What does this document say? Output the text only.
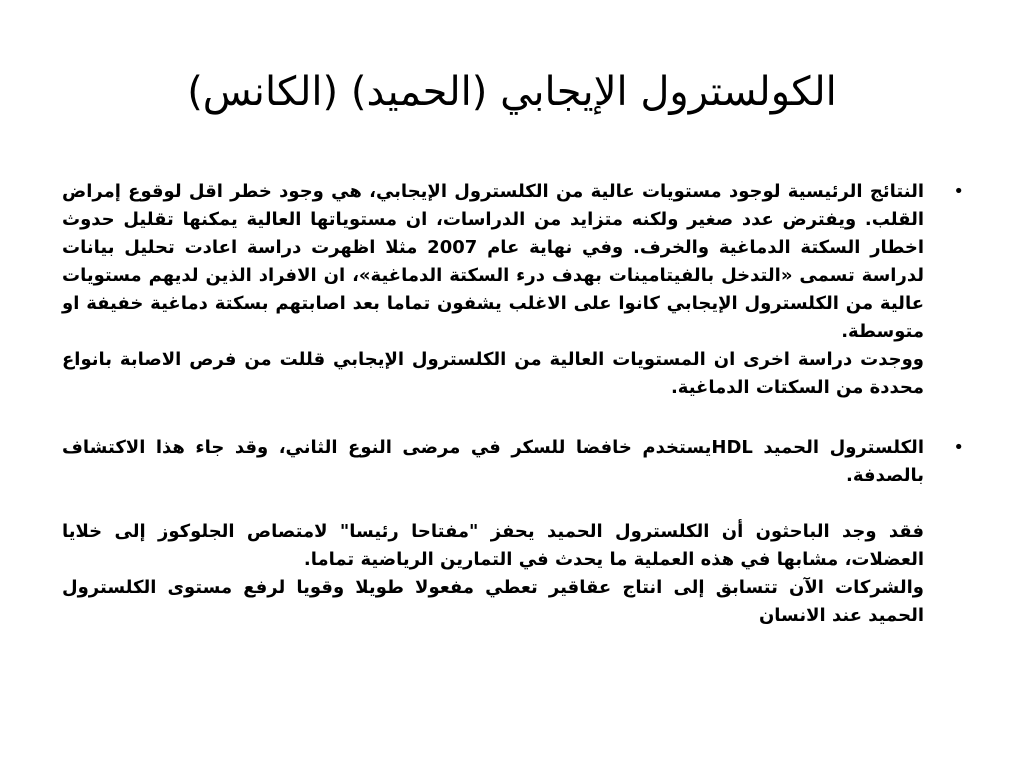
الكولسترول الإيجابي (الحميد) (الكانس)
•

النتائج الرئيسية لوجود مستويات عالية من الكلسترول الإيجابي، هي وجود خطر اقل لوقوع إمراض القلب. ويفترض عدد صغير ولكنه متزايد من الدراسات، ان مستوياتها العالية يمكنها تقليل حدوث اخطار السكتة الدماغية والخرف. وفي نهاية عام 2007 مثلا اظهرت دراسة اعادت تحليل بيانات لدراسة تسمى «التدخل بالفيتامينات بهدف درء السكتة الدماغية»، ان الافراد الذين لديهم مستويات عالية من الكلسترول الإيجابي كانوا على الاغلب يشفون تماما بعد اصابتهم بسكتة دماغية خفيفة او متوسطة.

ووجدت دراسة اخرى ان المستويات العالية من الكلسترول الإيجابي قللت من فرص الاصابة بانواع محددة من السكتات الدماغية.

•

الكلسترول الحميد HDLيستخدم خافضا للسكر في مرضى النوع الثاني، وقد جاء هذا الاكتشاف بالصدفة.

فقد وجد الباحثون أن الكلسترول الحميد يحفز "مفتاحا رئيسا" لامتصاص الجلوكوز إلى خلايا العضلات، مشابها في هذه العملية ما يحدث في التمارين الرياضية تماما.

والشركات الآن تتسابق إلى انتاج عقاقير تعطي مفعولا طويلا وقويا لرفع مستوى الكلسترول الحميد عند الانسان
